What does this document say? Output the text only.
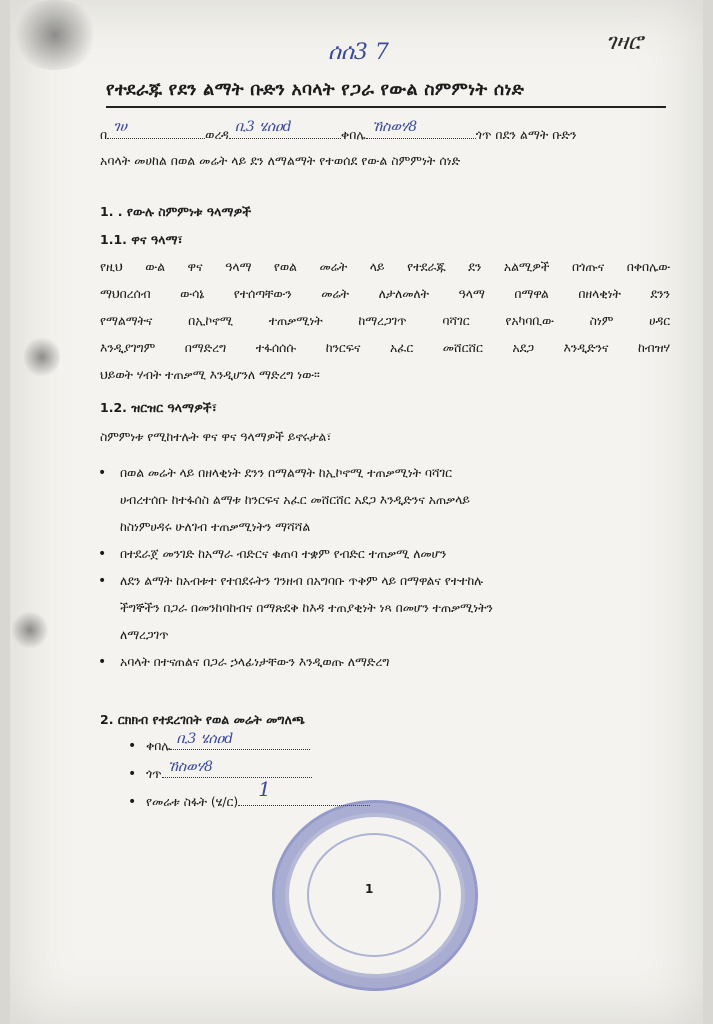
ሰሰ3 7	ገዛሮ
የተደራጁ የደን ልማት ቡድን አባላት የጋራ የውል ስምምነት ሰነድ
በ ገሀ	ወረዳ ቢ3 ሄሰዐd	ቀበሌ ኸስወሃ8	ጎጥ በደን ልማት ቡድን
አባላት መሀከል በወል መሬት ላይ ደን ለማልማት የተወሰደ የውል ስምምነት ሰነድ
1. . የውሉ ስምምነቱ ዓላማዎች
1.1. ዋና ዓላማ፣
የዚህ ውል ዋና ዓላማ የወል መሬት ላይ የተደራጁ ደን አልሚዎች በጎጡና በቀበሌው
ማህበረሰብ ውሳኔ የተሰጣቸውን መሬት ለታለመለት ዓላማ በማዋል በዘላቂነት ደንን
የማልማትና በኢኮኖሚ ተጠቃሚነት ከማረጋገጥ ባሻገር የአካባቢው ስነም ሀዳር
እንዲያገግም በማድረግ ተፋሰሰሱ ከንርፍና አፈር መሸርሸር አደጋ እንዲድንና ከብዝሃ
ህይወት ሃብት ተጠቃሚ እንዲሆንለ ማድረግ ነው፡፡
1.2. ዝርዝር ዓላማዎች፣
ስምምነቱ የሚከተሉት ዋና ዋና ዓላማዎች ይኖሩታል፣
• በወል መሬት ላይ በዘላቂነት ደንን በማልማት ከኢኮኖሚ ተጠቃሚነት ባሻገር
ሀብረተሰቡ ከተፋሰስ ልማቱ ከንርፍና አፈር መሸርሸር አደጋ እንዲድንና አጠቃላይ
ከስነምሀዳሩ ሁለገብ ተጠቃሚነትን ማሻሻል
• በተደራጀ መንገድ ከአማራ ብድርና ቁጠባ ተቋም የብድር ተጠቃሚ ለመሆን
• ለደን ልማት ከአብቱተ የተበደሩትን ገንዘብ በአግባቡ ጥቅም ላይ በማዋልና የተተከሉ
ችግኞችን በጋራ በመንከባከብና በማጽደቅ ከእዳ ተጠያቂነት ነጻ በመሆን ተጠቃሚነትን
ለማረጋገጥ
• አባላት በተናጠልና በጋራ ኃላፊነታቸውን እንዲወጡ ለማድረግ
2. ርክክብ የተደረገበት የወል መሬት መግለጫ
• ቀበሌ ቢ3 ሄሰዐd
• ጎጥ ኸስወሃ8
• የመሬቱ ስፋት (ሄ/ር)
1
1
